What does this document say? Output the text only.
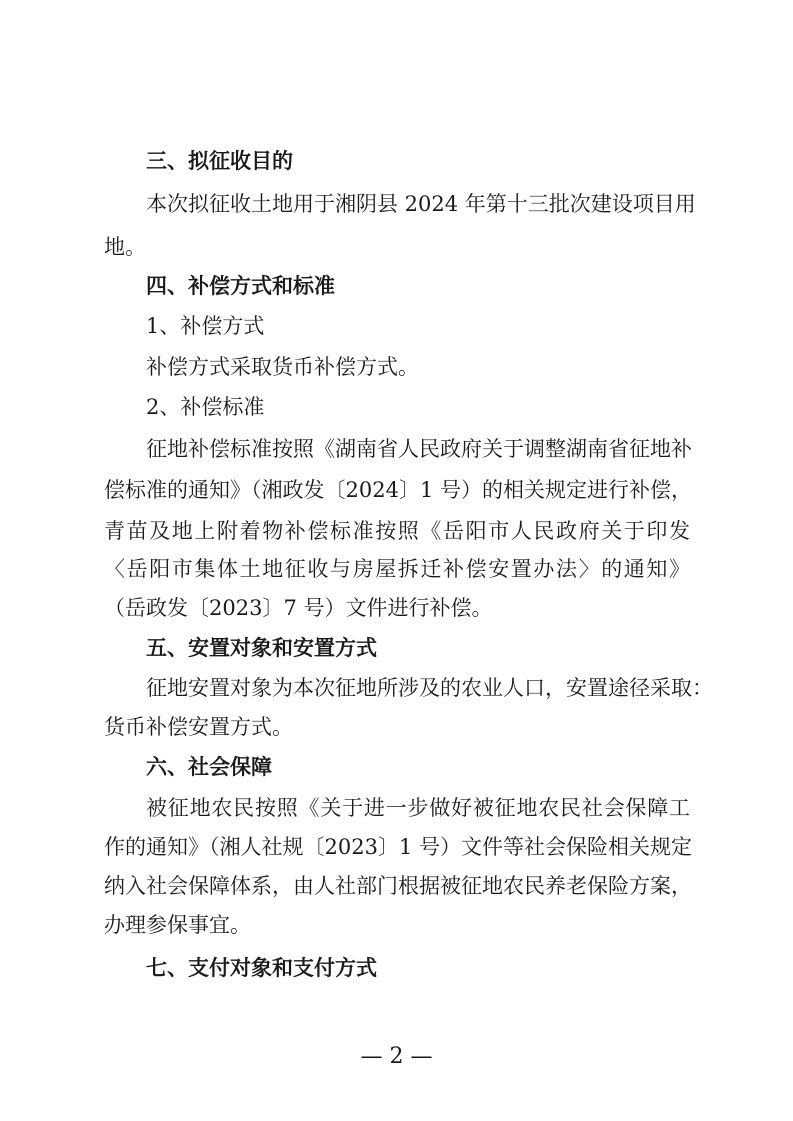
三、拟征收目的
本次拟征收土地用于湘阴县 2024 年第十三批次建设项目用
地。
四、补偿方式和标准
1、补偿方式
补偿方式采取货币补偿方式。
2、补偿标准
征地补偿标准按照《湖南省人民政府关于调整湖南省征地补
偿标准的通知》（湘政发〔2024〕1 号）的相关规定进行补偿，
青苗及地上附着物补偿标准按照《岳阳市人民政府关于印发
〈岳阳市集体土地征收与房屋拆迁补偿安置办法〉的通知》
（岳政发〔2023〕7 号）文件进行补偿。
五、安置对象和安置方式
征地安置对象为本次征地所涉及的农业人口，安置途径采取：
货币补偿安置方式。
六、社会保障
被征地农民按照《关于进一步做好被征地农民社会保障工
作的通知》（湘人社规〔2023〕1 号）文件等社会保险相关规定
纳入社会保障体系，由人社部门根据被征地农民养老保险方案，
办理参保事宜。
七、支付对象和支付方式
— 2 —
